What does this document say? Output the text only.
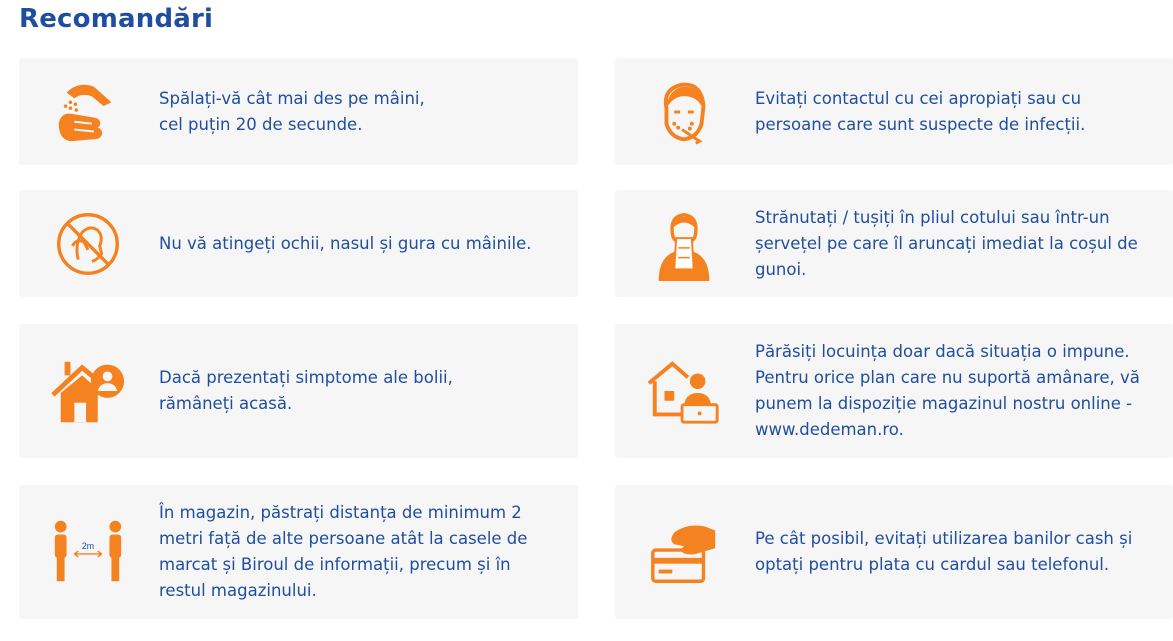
Recomandări
Spălați-vă cât mai des pe mâini,
cel puțin 20 de secunde.
Evitați contactul cu cei apropiați sau cu
persoane care sunt suspecte de infecții.
Nu vă atingeți ochii, nasul și gura cu mâinile.
Strănutați / tușiți în pliul cotului sau într-un
șervețel pe care îl aruncați imediat la coșul de
gunoi.
Dacă prezentați simptome ale bolii,
rămâneți acasă.
Părăsiți locuința doar dacă situația o impune.
Pentru orice plan care nu suportă amânare, vă
punem la dispoziție magazinul nostru online -
www.dedeman.ro.
2m
În magazin, păstrați distanța de minimum 2
metri față de alte persoane atât la casele de
marcat și Biroul de informații, precum și în
restul magazinului.
Pe cât posibil, evitați utilizarea banilor cash și
optați pentru plata cu cardul sau telefonul.
